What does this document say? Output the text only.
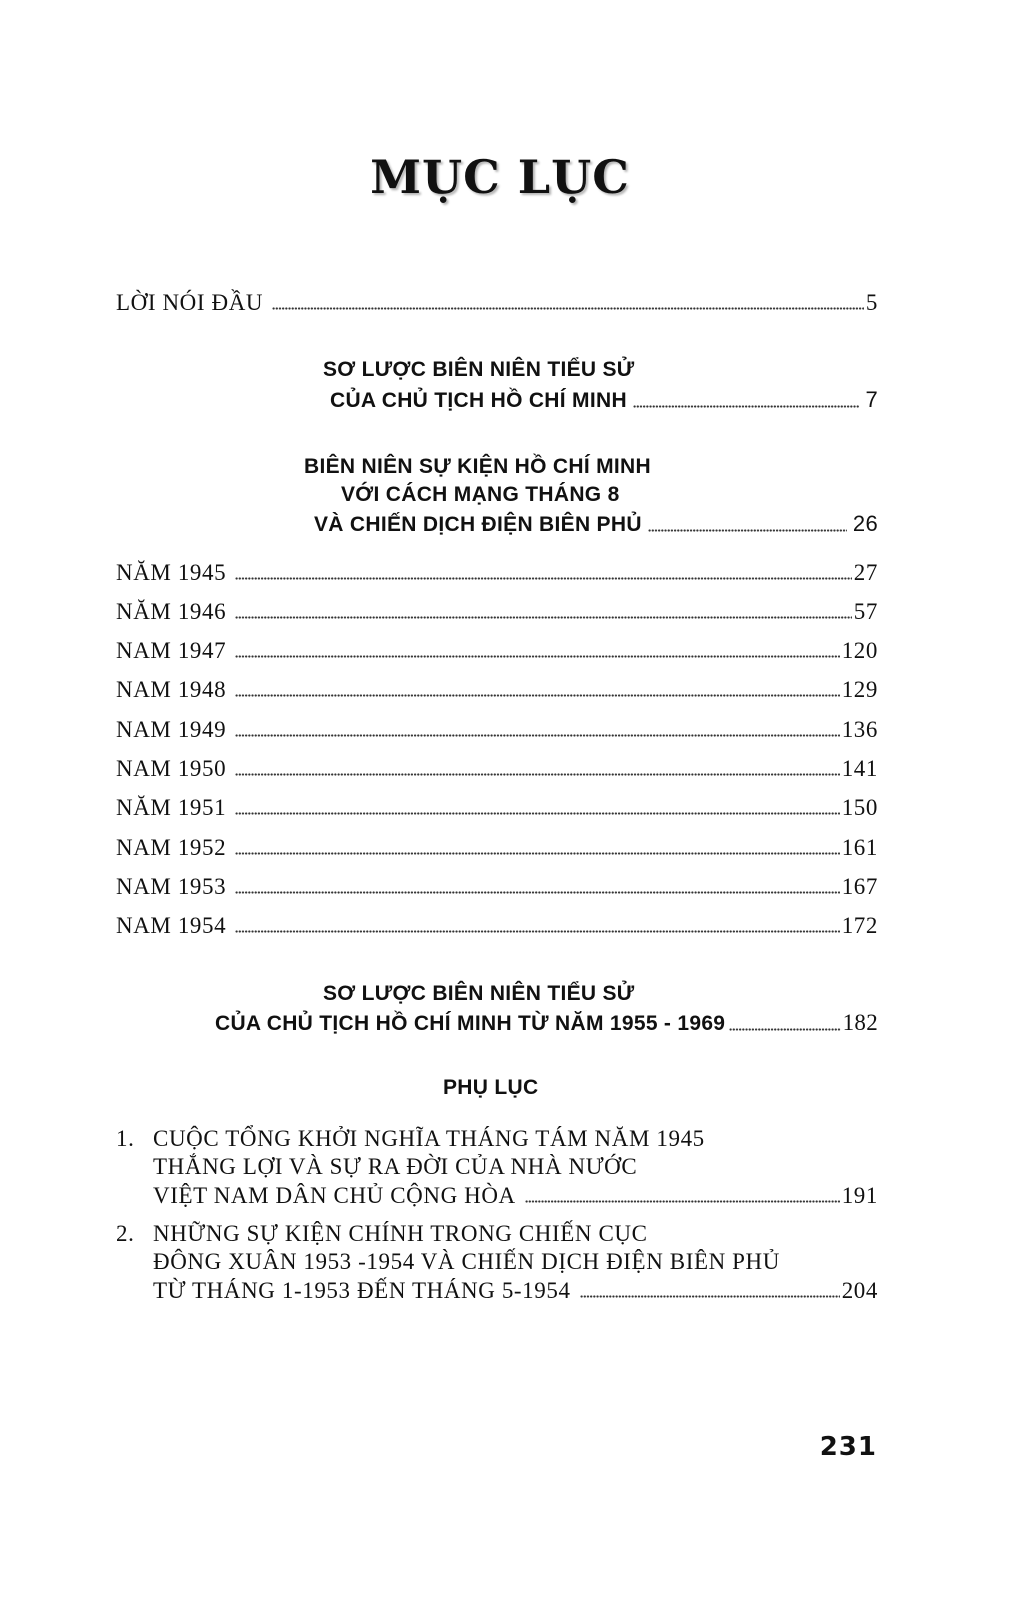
MỤC LỤC
LỜI NÓI ĐẦU	5
SƠ LƯỢC BIÊN NIÊN TIỂU SỬ
CỦA CHỦ TỊCH HỒ CHÍ MINH	7
BIÊN NIÊN SỰ KIỆN HỒ CHÍ MINH
VỚI CÁCH MẠNG THÁNG 8
VÀ CHIẾN DỊCH ĐIỆN BIÊN PHỦ	26
NĂM 1945	27
NĂM 1946	57
NAM 1947	120
NAM 1948	129
NAM 1949	136
NAM 1950	141
NĂM 1951	150
NAM 1952	161
NAM 1953	167
NAM 1954	172
SƠ LƯỢC BIÊN NIÊN TIỂU SỬ
CỦA CHỦ TỊCH HỒ CHÍ MINH TỪ NĂM 1955 - 1969	182
PHỤ LỤC
1. CUỘC TỔNG KHỞI NGHĨA THÁNG TÁM NĂM 1945
THẮNG LỢI VÀ SỰ RA ĐỜI CỦA NHÀ NƯỚC
VIỆT NAM DÂN CHỦ CỘNG HÒA	191
2. NHỮNG SỰ KIỆN CHÍNH TRONG CHIẾN CỤC
ĐÔNG XUÂN 1953 -1954 VÀ CHIẾN DỊCH ĐIỆN BIÊN PHỦ
TỪ THÁNG 1-1953 ĐẾN THÁNG 5-1954	204
231
